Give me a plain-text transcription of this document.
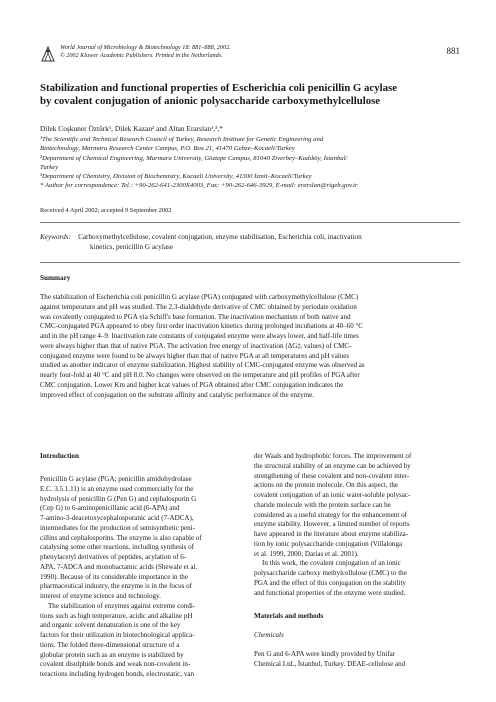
World Journal of Microbiology & Biotechnology 18: 881–888, 2002.
© 2002 Kluwer Academic Publishers. Printed in the Netherlands.	881
Stabilization and functional properties of Escherichia coli penicillin G acylase
by covalent conjugation of anionic polysaccharide carboxymethylcellulose
Dilek Coşkuner Öztürk¹, Dilek Kazan² and Altan Erarslan¹,³,*
¹The Scientific and Technical Research Council of Turkey, Research Institute for Genetic Engineering and
Biotechnology, Marmara Research Center Campus, P.O. Box 21, 41470 Gebze–Kocaeli/Turkey
²Department of Chemical Engineering, Marmara University, Göztepe Campus, 81040 Ziverbey–Kadıköy, İstanbul/
Turkey
³Department of Chemistry, Division of Biochemistry, Kocaeli University, 41300 İzmit–Kocaeli/Turkey
* Author for correspondence: Tel.: +90-262-641-2300X4003, Fax: +90-262-646-3929, E-mail: erarslan@rigeb.gov.tr
Received 4 April 2002; accepted 9 September 2002
Keywords: Carboxymethylcellulose, covalent conjugation, enzyme stabilisation, Escherichia coli, inactivation
kinetics, penicillin G acylase
Summary
The stabilization of Escherichia coli penicillin G acylase (PGA) conjugated with carboxymethylcellulose (CMC)
against temperature and pH was studied. The 2,3-dialdehyde derivative of CMC obtained by periodate oxidation
was covalently conjugated to PGA via Schiff's base formation. The inactivation mechanism of both native and
CMC-conjugated PGA appeared to obey first order inactivation kinetics during prolonged incubations at 40–60 °C
and in the pH range 4–9. Inactivation rate constants of conjugated enzyme were always lower, and half-life times
were always higher than that of native PGA. The activation free energy of inactivation (ΔG‡ᵢ values) of CMC-
conjugated enzyme were found to be always higher than that of native PGA at all temperatures and pH values
studied as another indicator of enzyme stabilization. Highest stability of CMC-conjugated enzyme was observed as
nearly four-fold at 40 °C and pH 8.0. No changes were observed on the temperature and pH profiles of PGA after
CMC conjugation. Lower Km and higher kcat values of PGA obtained after CMC conjugation indicates the
improved effect of conjugation on the substrate affinity and catalytic performance of the enzyme.
Introduction
Penicillin G acylase (PGA; penicillin amidohydrolase
E.C. 3.5.1.11) is an enzyme used commercially for the
hydrolysis of penicillin G (Pen G) and cephalosporin G
(Cep G) to 6-aminopenicillanic acid (6-APA) and
7-amino-3-deacetoxycephalosporanic acid (7-ADCA),
intermediates for the production of semisynthetic peni-
cillins and cephalosporins. The enzyme is also capable of
catalysing some other reactions, including synthesis of
phenylacetyl derivatives of peptides, acylation of 6-
APA, 7-ADCA and monobactamic acids (Shewale et al.
1990). Because of its considerable importance in the
pharmaceutical industry, the enzyme is in the focus of
interest of enzyme science and technology.
The stabilization of enzymes against extreme condi-
tions such as high temperature, acidic and alkaline pH
and organic solvent denaturation is one of the key
factors for their utilization in biotechnological applica-
tions. The folded three-dimensional structure of a
globular protein such as an enzyme is stabilized by
covalent disulphide bonds and weak non-covalent in-
teractions including hydrogen bonds, electrostatic, van
der Waals and hydrophobic forces. The improvement of
the structural stability of an enzyme can be achieved by
strengthening of these covalent and non-covalent inter-
actions on the protein molecule. On this aspect, the
covalent conjugation of an ionic water-soluble polysac-
charide molecule with the protein surface can be
considered as a useful strategy for the enhancement of
enzyme stability. However, a limited number of reports
have appeared in the literature about enzyme stabiliza-
tion by ionic polysaccharide conjugation (Villalonga
et al. 1999, 2000; Darias et al. 2001).
In this work, the covalent conjugation of an ionic
polysaccharide carboxy methylcellulose (CMC) to the
PGA and the effect of this conjugation on the stability
and functional properties of the enzyme were studied.
Materials and methods
Chemicals
Pen G and 6-APA were kindly provided by Unifar
Chemical Ltd., İstanbul, Turkey. DEAE-cellulose and
